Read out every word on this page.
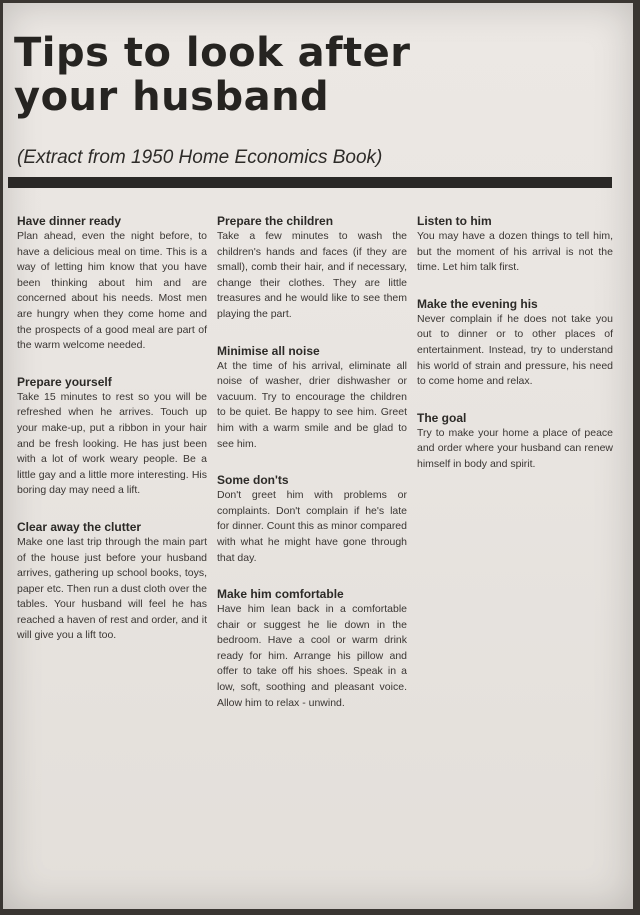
Tips to look after
your husband
(Extract from 1950 Home Economics Book)
Have dinner ready

Plan ahead, even the night before, to have a delicious meal on time. This is a way of letting him know that you have been thinking about him and are concerned about his needs. Most men are hungry when they come home and the prospects of a good meal are part of the warm welcome needed.

Prepare yourself

Take 15 minutes to rest so you will be refreshed when he arrives. Touch up your make-up, put a ribbon in your hair and be fresh looking. He has just been with a lot of work weary people. Be a little gay and a little more interesting. His boring day may need a lift.

Clear away the clutter

Make one last trip through the main part of the house just before your husband arrives, gathering up school books, toys, paper etc. Then run a dust cloth over the tables. Your husband will feel he has reached a haven of rest and order, and it will give you a lift too.

Prepare the children

Take a few minutes to wash the children's hands and faces (if they are small), comb their hair, and if necessary, change their clothes. They are little treasures and he would like to see them playing the part.

Minimise all noise

At the time of his arrival, eliminate all noise of washer, drier dishwasher or vacuum. Try to encourage the children to be quiet. Be happy to see him. Greet him with a warm smile and be glad to see him.

Some don'ts

Don't greet him with problems or complaints. Don't complain if he's late for dinner. Count this as minor compared with what he might have gone through that day.

Make him comfortable

Have him lean back in a comfortable chair or suggest he lie down in the bedroom. Have a cool or warm drink ready for him. Arrange his pillow and offer to take off his shoes. Speak in a low, soft, soothing and pleasant voice. Allow him to relax - unwind.

Listen to him

You may have a dozen things to tell him, but the moment of his arrival is not the time. Let him talk first.

Make the evening his

Never complain if he does not take you out to dinner or to other places of entertainment. Instead, try to understand his world of strain and pressure, his need to come home and relax.

The goal

Try to make your home a place of peace and order where your husband can renew himself in body and spirit.
